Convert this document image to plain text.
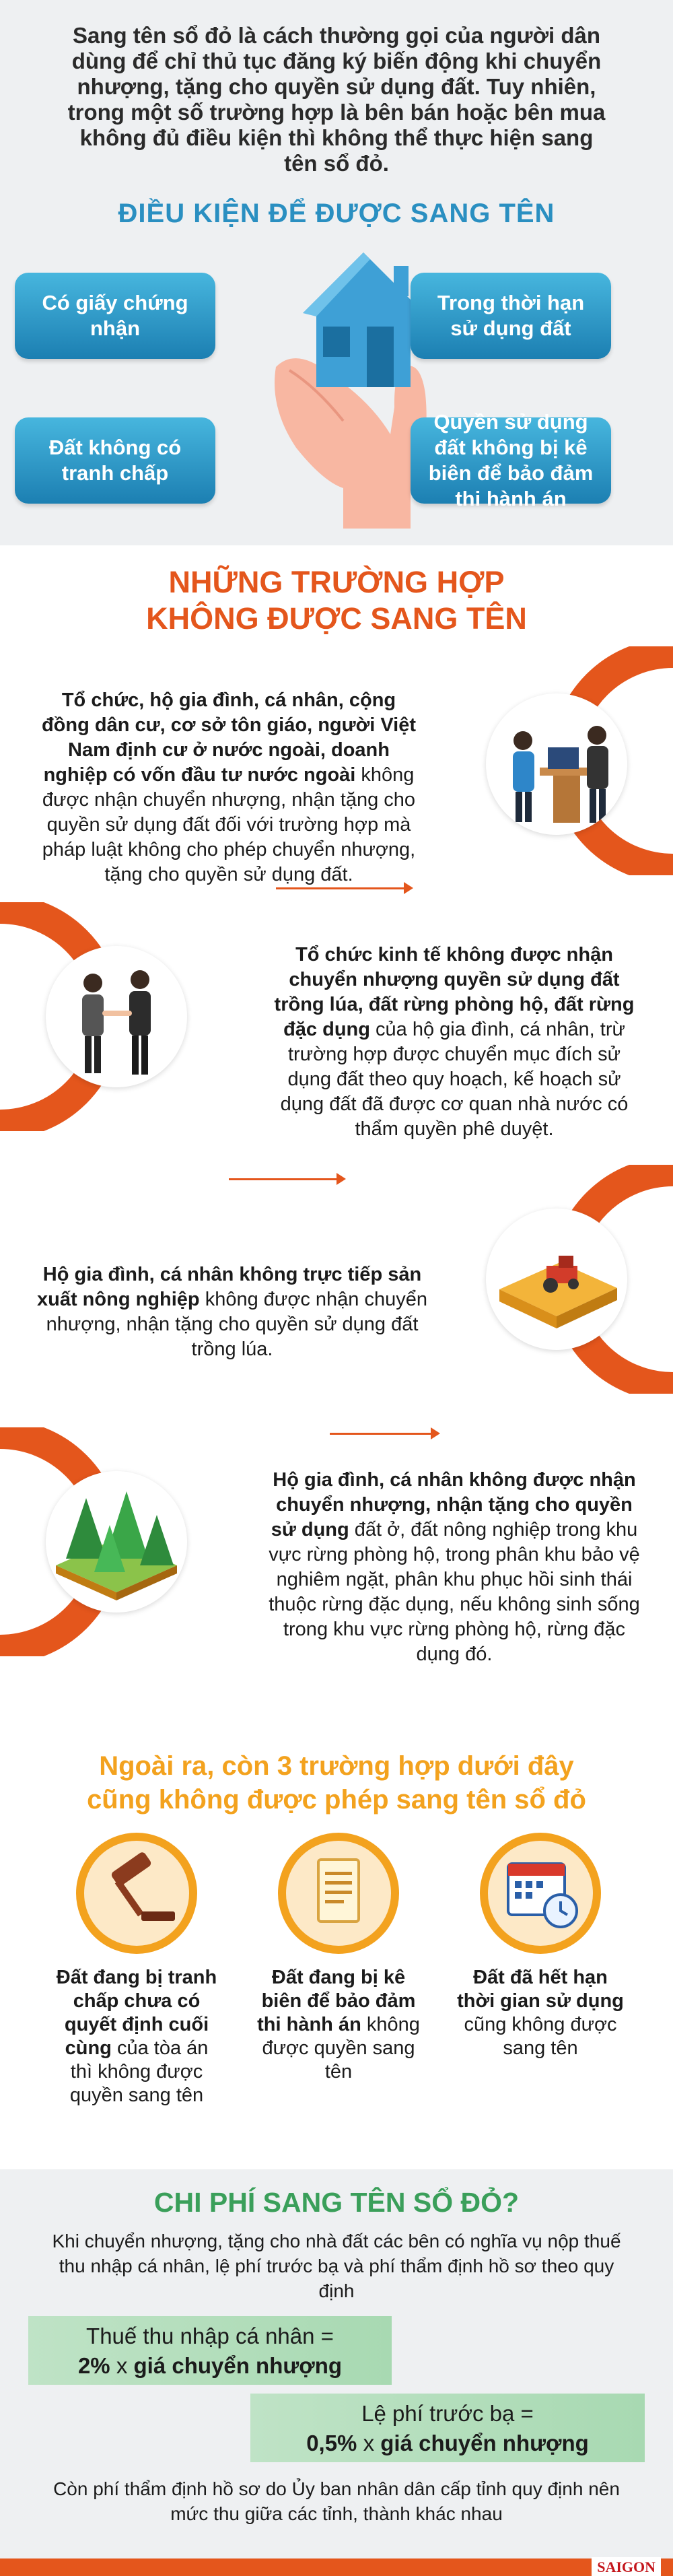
Sang tên sổ đỏ là cách thường gọi của người dân dùng để chỉ thủ tục đăng ký biến động khi chuyển nhượng, tặng cho quyền sử dụng đất. Tuy nhiên, trong một số trường hợp là bên bán hoặc bên mua không đủ điều kiện thì không thể thực hiện sang tên sổ đỏ.

ĐIỀU KIỆN ĐỂ ĐƯỢC SANG TÊN
Có giấy chứng nhận
Trong thời hạn sử dụng đất
Đất không có tranh chấp
Quyền sử dụng đất không bị kê biên để bảo đảm thi hành án
NHỮNG TRƯỜNG HỢP
KHÔNG ĐƯỢC SANG TÊN
Tổ chức, hộ gia đình, cá nhân, cộng đồng dân cư, cơ sở tôn giáo, người Việt Nam định cư ở nước ngoài, doanh nghiệp có vốn đầu tư nước ngoài không được nhận chuyển nhượng, nhận tặng cho quyền sử dụng đất đối với trường hợp mà pháp luật không cho phép chuyển nhượng, tặng cho quyền sử dụng đất.
Tổ chức kinh tế không được nhận chuyển nhượng quyền sử dụng đất trồng lúa, đất rừng phòng hộ, đất rừng đặc dụng của hộ gia đình, cá nhân, trừ trường hợp được chuyển mục đích sử dụng đất theo quy hoạch, kế hoạch sử dụng đất đã được cơ quan nhà nước có thẩm quyền phê duyệt.
Hộ gia đình, cá nhân không trực tiếp sản xuất nông nghiệp không được nhận chuyển nhượng, nhận tặng cho quyền sử dụng đất trồng lúa.
Hộ gia đình, cá nhân không được nhận chuyển nhượng, nhận tặng cho quyền sử dụng đất ở, đất nông nghiệp trong khu vực rừng phòng hộ, trong phân khu bảo vệ nghiêm ngặt, phân khu phục hồi sinh thái thuộc rừng đặc dụng, nếu không sinh sống trong khu vực rừng phòng hộ, rừng đặc dụng đó.
Ngoài ra, còn 3 trường hợp dưới đây
cũng không được phép sang tên sổ đỏ
Đất đang bị tranh chấp chưa có quyết định cuối cùng của tòa án thì không được quyền sang tên
Đất đang bị kê biên để bảo đảm thi hành án không được quyền sang tên
Đất đã hết hạn thời gian sử dụng cũng không được sang tên
CHI PHÍ SANG TÊN SỔ ĐỎ?

Khi chuyển nhượng, tặng cho nhà đất các bên có nghĩa vụ nộp thuế thu nhập cá nhân, lệ phí trước bạ và phí thẩm định hồ sơ theo quy định

Thuế thu nhập cá nhân =
2% x giá chuyển nhượng
Lệ phí trước bạ =
0,5% x giá chuyển nhượng

Còn phí thẩm định hồ sơ do Ủy ban nhân dân cấp tỉnh quy định nên mức thu giữa các tỉnh, thành khác nhau

SAIGON
